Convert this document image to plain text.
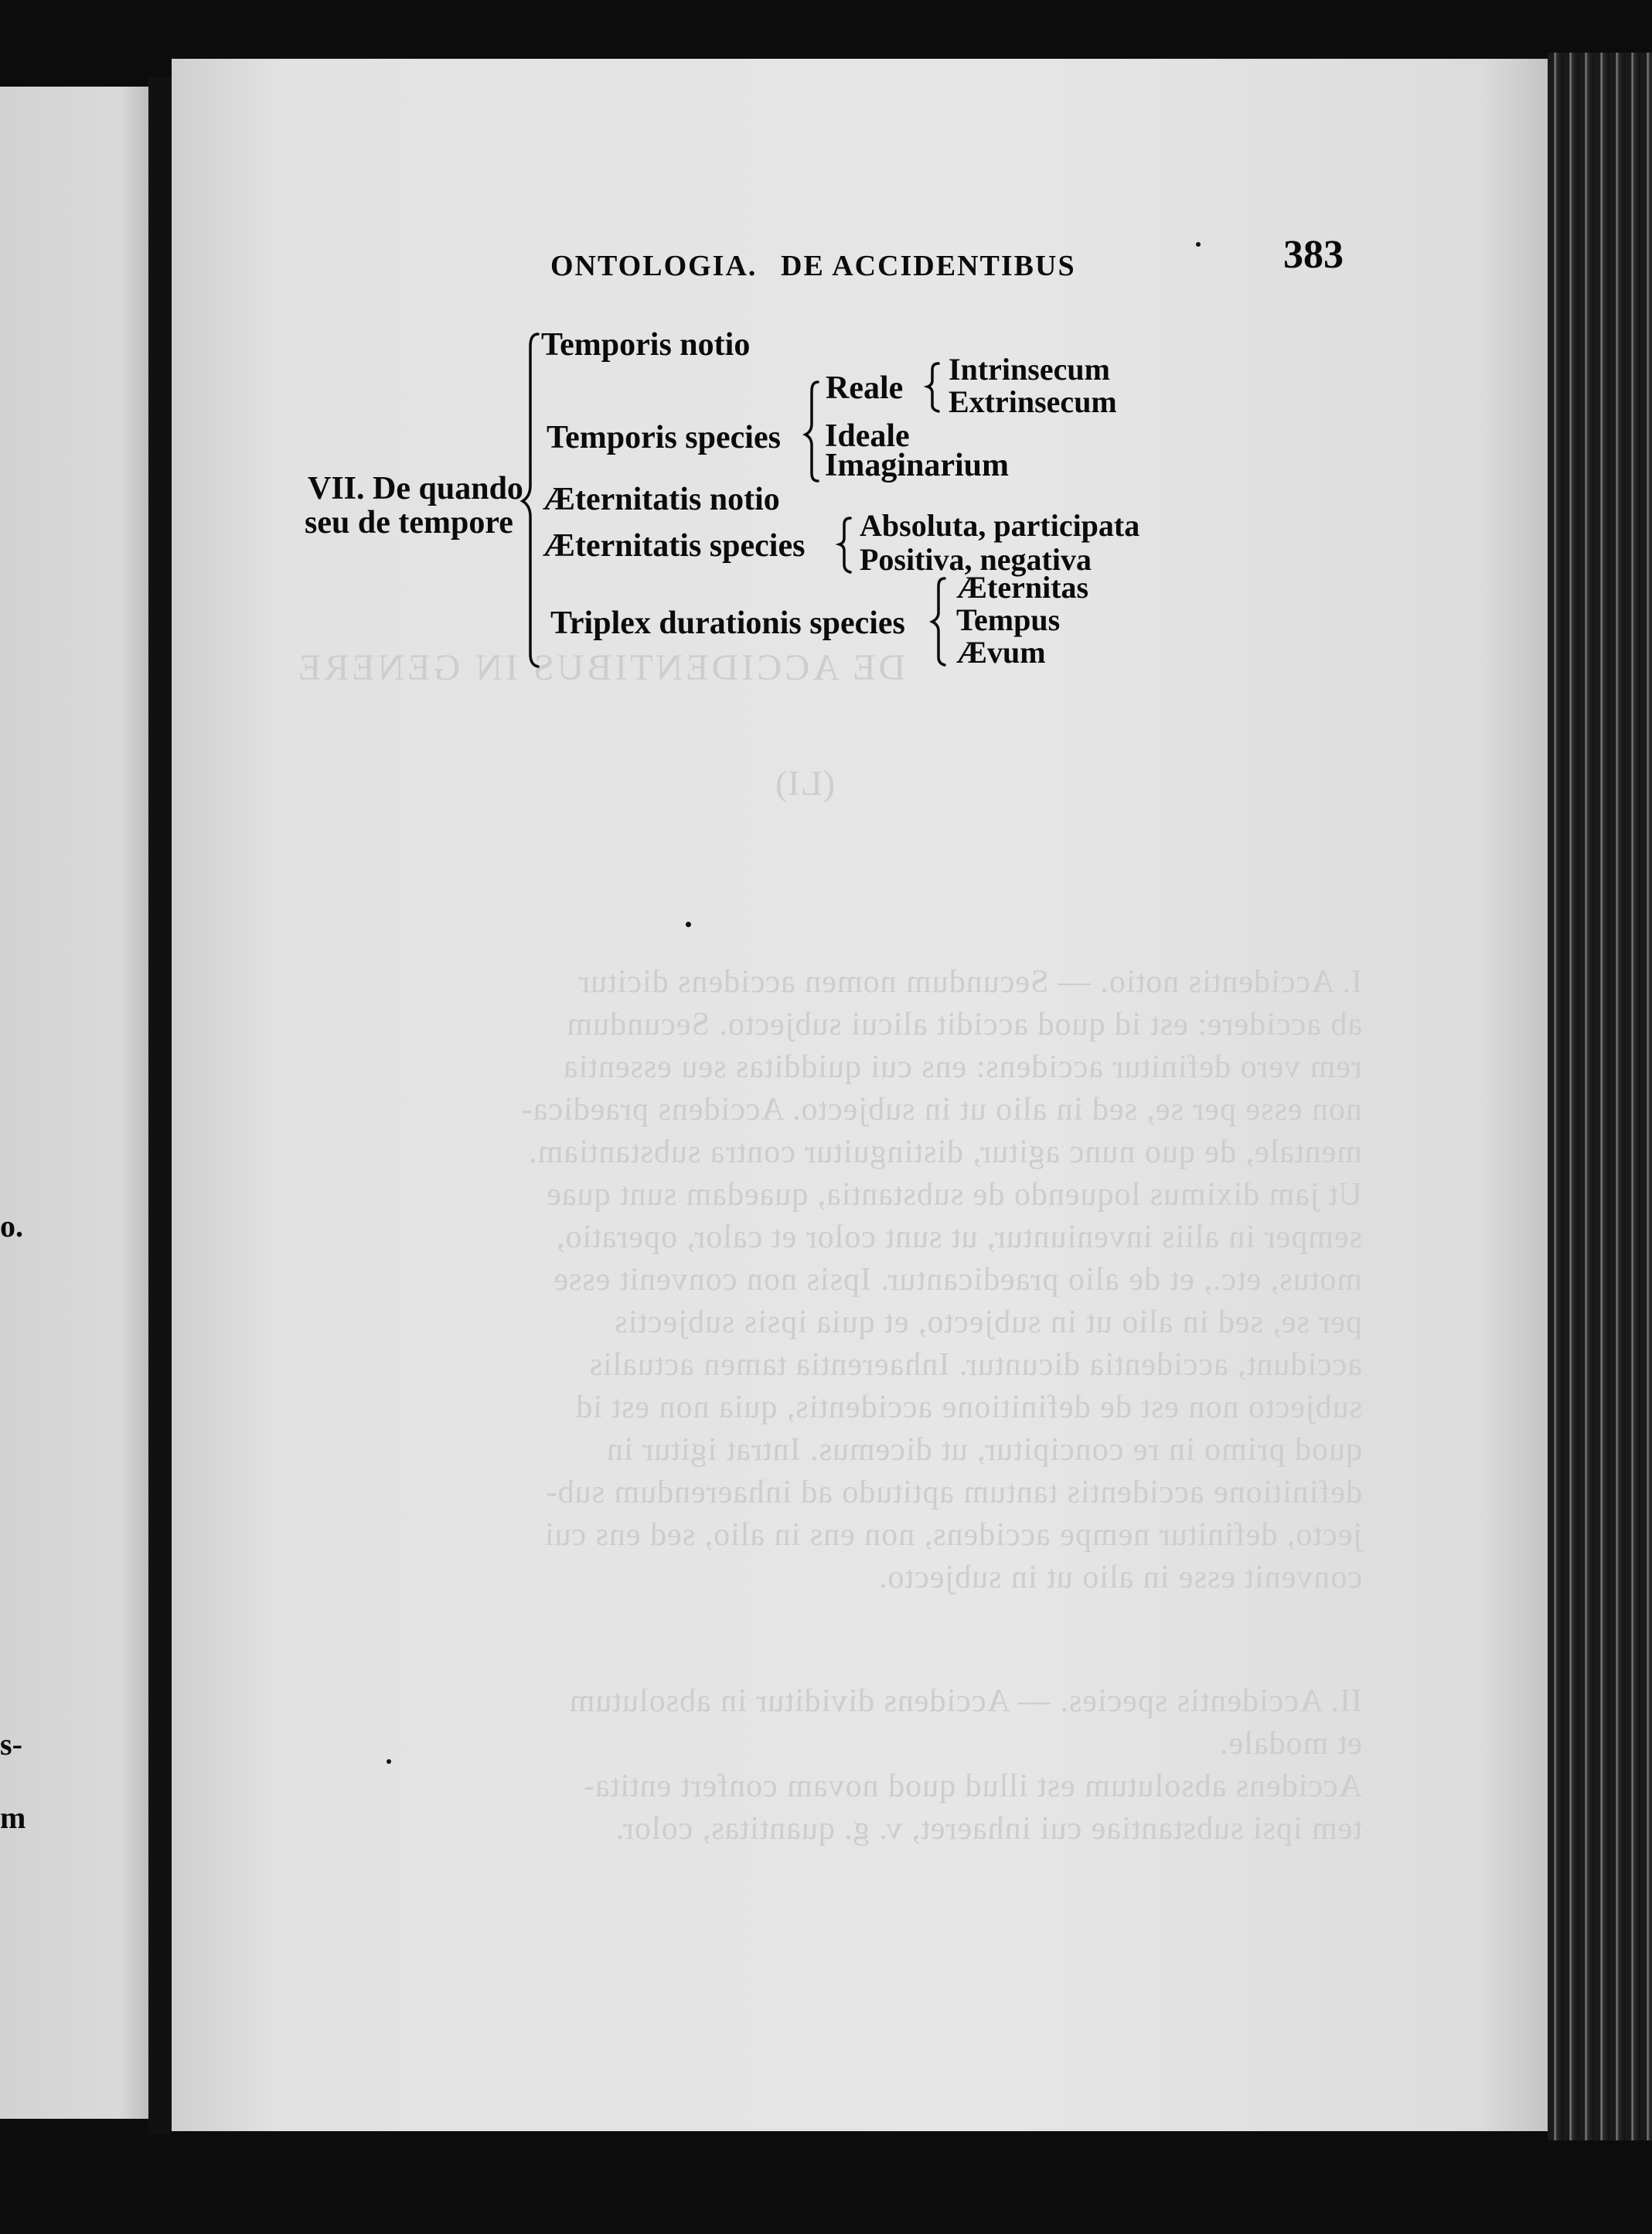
o.
s-
m
DE ACCIDENTIBUS IN GENERE
(LI)
I. Accidentis notio. — Secundum nomen accidens dicitur
ab accidere: est id quod accidit alicui subjecto. Secundum
rem vero definitur accidens: ens cui quidditas seu essentia
non esse per se, sed in alio ut in subjecto. Accidens praedica-
mentale, de quo nunc agitur, distinguitur contra substantiam.
Ut jam diximus loquendo de substantia, quaedam sunt quae
semper in aliis inveniuntur, ut sunt color et calor, operatio,
motus, etc., et de alio praedicantur. Ipsis non convenit esse
per se, sed in alio ut in subjecto, et quia ipsis subjectis
accidunt, accidentia dicuntur. Inhaerentia tamen actualis
subjecto non est de definitione accidentis, quia non est id
quod primo in re concipitur, ut dicemus. Intrat igitur in
definitione accidentis tantum aptitudo ad inhaerendum sub-
jecto, definitur nempe accidens, non ens in alio, sed ens cui
convenit esse in alio ut in subjecto.
II. Accidentis species. — Accidens dividitur in absolutum
et modale.
Accidens absolutum est illud quod novam confert entita-
tem ipsi substantiae cui inhaeret, v. g. quantitas, color.
ONTOLOGIA. DE ACCIDENTIBUS	383
VII. De quando
seu de tempore
Temporis notio
Temporis species
Æternitatis notio
Æternitatis species
Triplex durationis species
Reale
Ideale
Imaginarium
Intrinsecum
Extrinsecum
Absoluta, participata
Positiva, negativa
Æternitas
Tempus
Ævum
